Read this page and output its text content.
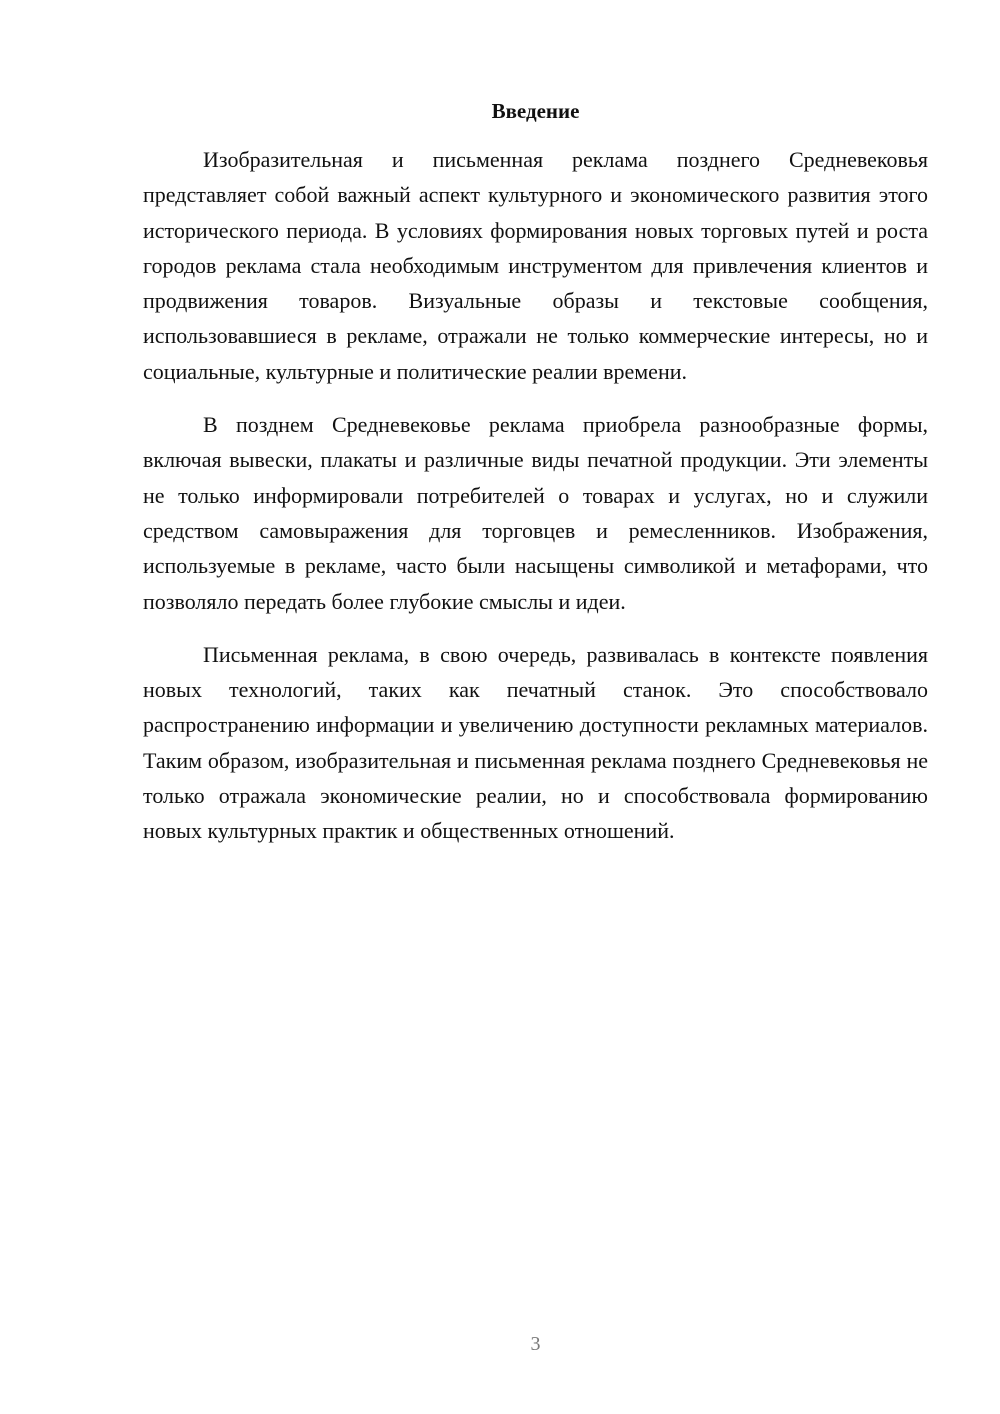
Введение

Изобразительная и письменная реклама позднего Средневековья представляет собой важный аспект культурного и экономического развития этого исторического периода. В условиях формирования новых торговых путей и роста городов реклама стала необходимым инструментом для привлечения клиентов и продвижения товаров. Визуальные образы и текстовые сообщения, использовавшиеся в рекламе, отражали не только коммерческие интересы, но и социальные, культурные и политические реалии времени.

В позднем Средневековье реклама приобрела разнообразные формы, включая вывески, плакаты и различные виды печатной продукции. Эти элементы не только информировали потребителей о товарах и услугах, но и служили средством самовыражения для торговцев и ремесленников. Изображения, используемые в рекламе, часто были насыщены символикой и метафорами, что позволяло передать более глубокие смыслы и идеи.

Письменная реклама, в свою очередь, развивалась в контексте появления новых технологий, таких как печатный станок. Это способствовало распространению информации и увеличению доступности рекламных материалов. Таким образом, изобразительная и письменная реклама позднего Средневековья не только отражала экономические реалии, но и способствовала формированию новых культурных практик и общественных отношений.

3
